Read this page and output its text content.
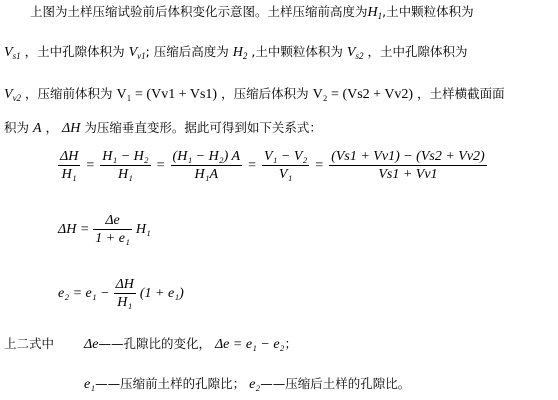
上图为土样压缩试验前后体积变化示意图。土样压缩前高度为$H_1$,土中颗粒体积为
$V_{s1}$ ，土中孔隙体积为 $V_{v1}$; 压缩后高度为 $H_2$ ,土中颗粒体积为 $V_{s2}$ ，土中孔隙体积为
$V_{v2}$ ，压缩前体积为 V₁ = (Vv1 + Vs1) ，压缩后体积为 V₂ = (Vs2 + Vv2) ，土样横截面面
积为 A ， ΔH 为压缩垂直变形。据此可得到如下关系式：
$\frac{\Delta H}{\text{H₁}} = \frac{\text{H₁ − H₂}}{\text{H₁}} = \frac{\text{(H₁ − H₂) A}}{\text{H₁A}} = \frac{\text{V₁ − V₂}}{\text{V₁}} = \frac{(Vs1 + Vv1) - (Vs2 + Vv2)}{Vs1 + Vv1}$
$\Delta H = \frac{\Delta e}{\text{1 + e₁}} H_1$
$e_2 = e_1 - \frac{\Delta H}{\text{H₁}} (1 + e_1)$
上二式中 Δe——孔隙比的变化， Δe = e₁ − e₂；
e₁——压缩前土样的孔隙比； e₂——压缩后土样的孔隙比。
